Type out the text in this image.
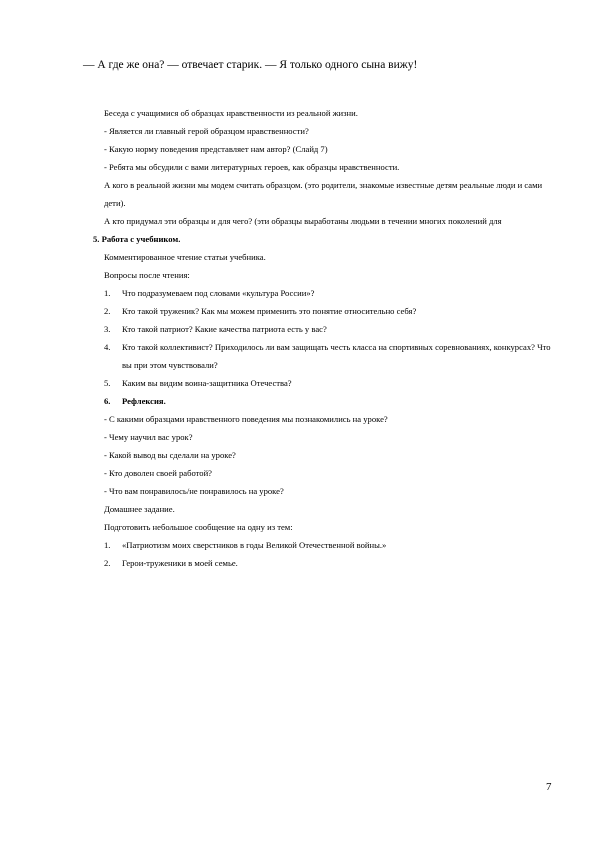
— А где же она? — отвечает старик. — Я только одного сына вижу!

Беседа с учащимися об образцах нравственности из реальной жизни.

- Является ли главный герой образцом нравственности?

- Какую норму поведения представляет нам автор? (Слайд 7)

- Ребята мы обсудили с вами литературных героев, как образцы нравственности.

А кого в реальной жизни мы модем считать образцом. (это родители, знакомые известные детям реальные люди и сами дети).

А кто придумал эти образцы и для чего? (эти образцы выработаны людьми в течении многих поколений для

5. Работа с учебником.

Комментированное чтение статьи учебника.

Вопросы после чтения:

1. Что подразумеваем под словами «культура России»?
2. Кто такой труженик? Как мы можем применить это понятие относительно себя?
3. Кто такой патриот? Какие качества патриота есть у вас?
4. Кто такой коллективист? Приходилось ли вам защищать честь класса на спортивных соревнованиях, конкурсах? Что вы при этом чувствовали?
5. Каким вы видим воина-защитника Отечества?
6. Рефлексия.

- С какими образцами нравственного поведения мы познакомились на уроке?

- Чему научил вас урок?

- Какой вывод вы сделали на уроке?

- Кто доволен своей работой?

- Что вам понравилось/не понравилось на уроке?

Домашнее задание.

Подготовить небольшое сообщение на одну из тем:

1. «Патриотизм моих сверстников в годы Великой Отечественной войны.»
2. Герои-труженики в моей семье.
7
